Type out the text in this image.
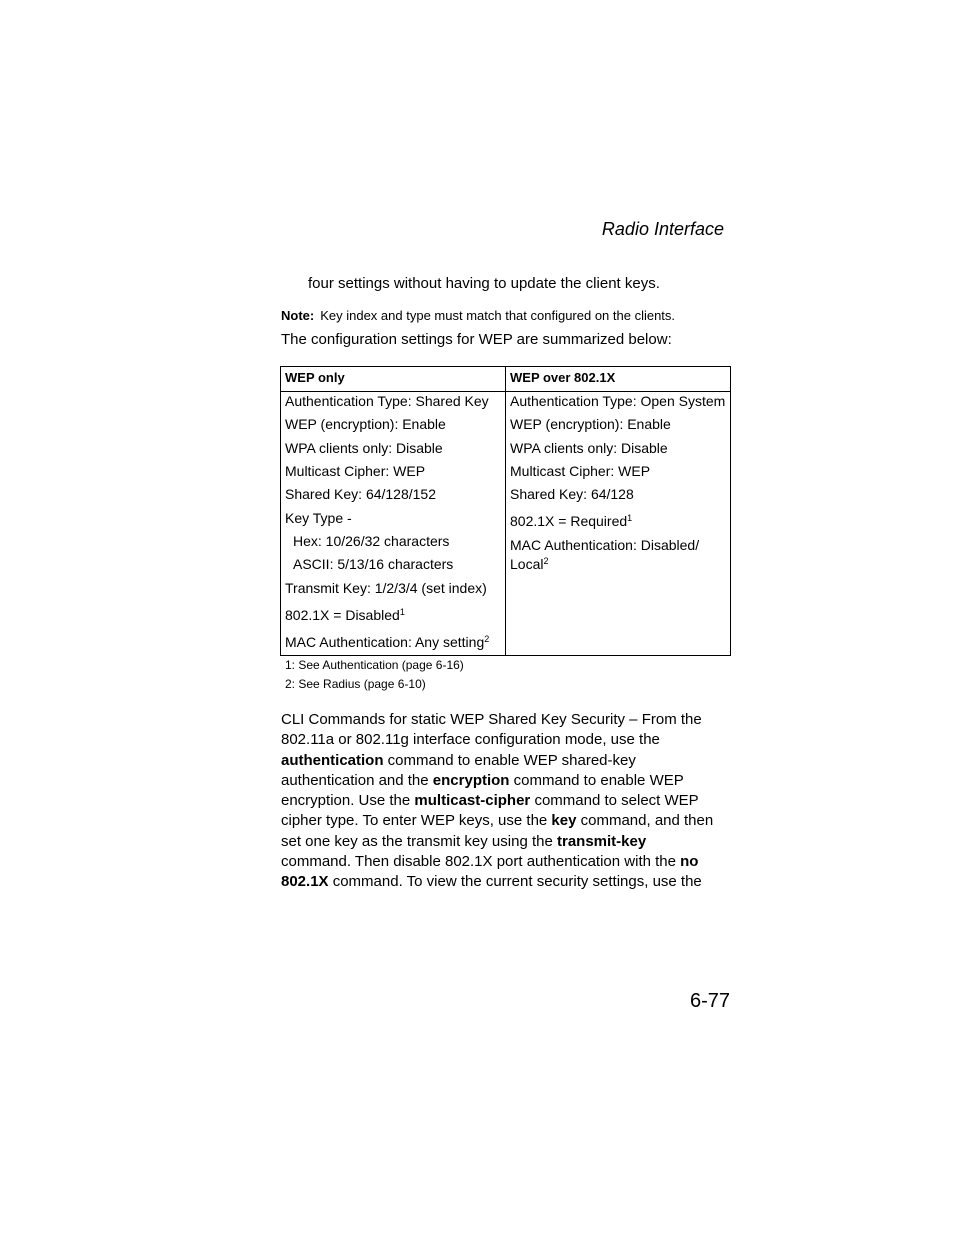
Radio Interface
four settings without having to update the client keys.
Note: Key index and type must match that configured on the clients.
The configuration settings for WEP are summarized below:
WEP only	WEP over 802.1X
Authentication Type: Shared Key
WEP (encryption): Enable
WPA clients only: Disable
Multicast Cipher: WEP
Shared Key: 64/128/152
Key Type -
Hex: 10/26/32 characters
ASCII: 5/13/16 characters
Transmit Key: 1/2/3/4 (set index)
802.1X = Disabled$^1$
MAC Authentication: Any setting$^2$
Authentication Type: Open System
WEP (encryption): Enable
WPA clients only: Disable
Multicast Cipher: WEP
Shared Key: 64/128
802.1X = Required$^1$
MAC Authentication: Disabled/
Local$^2$
1: See Authentication (page 6-16)
2: See Radius (page 6-10)

CLI Commands for static WEP Shared Key Security – From the

802.11a or 802.11g interface configuration mode, use the

authentication command to enable WEP shared-key

authentication and the encryption command to enable WEP

encryption. Use the multicast-cipher command to select WEP

cipher type. To enter WEP keys, use the key command, and then

set one key as the transmit key using the transmit-key

command. Then disable 802.1X port authentication with the no

802.1X command. To view the current security settings, use the

6-77
